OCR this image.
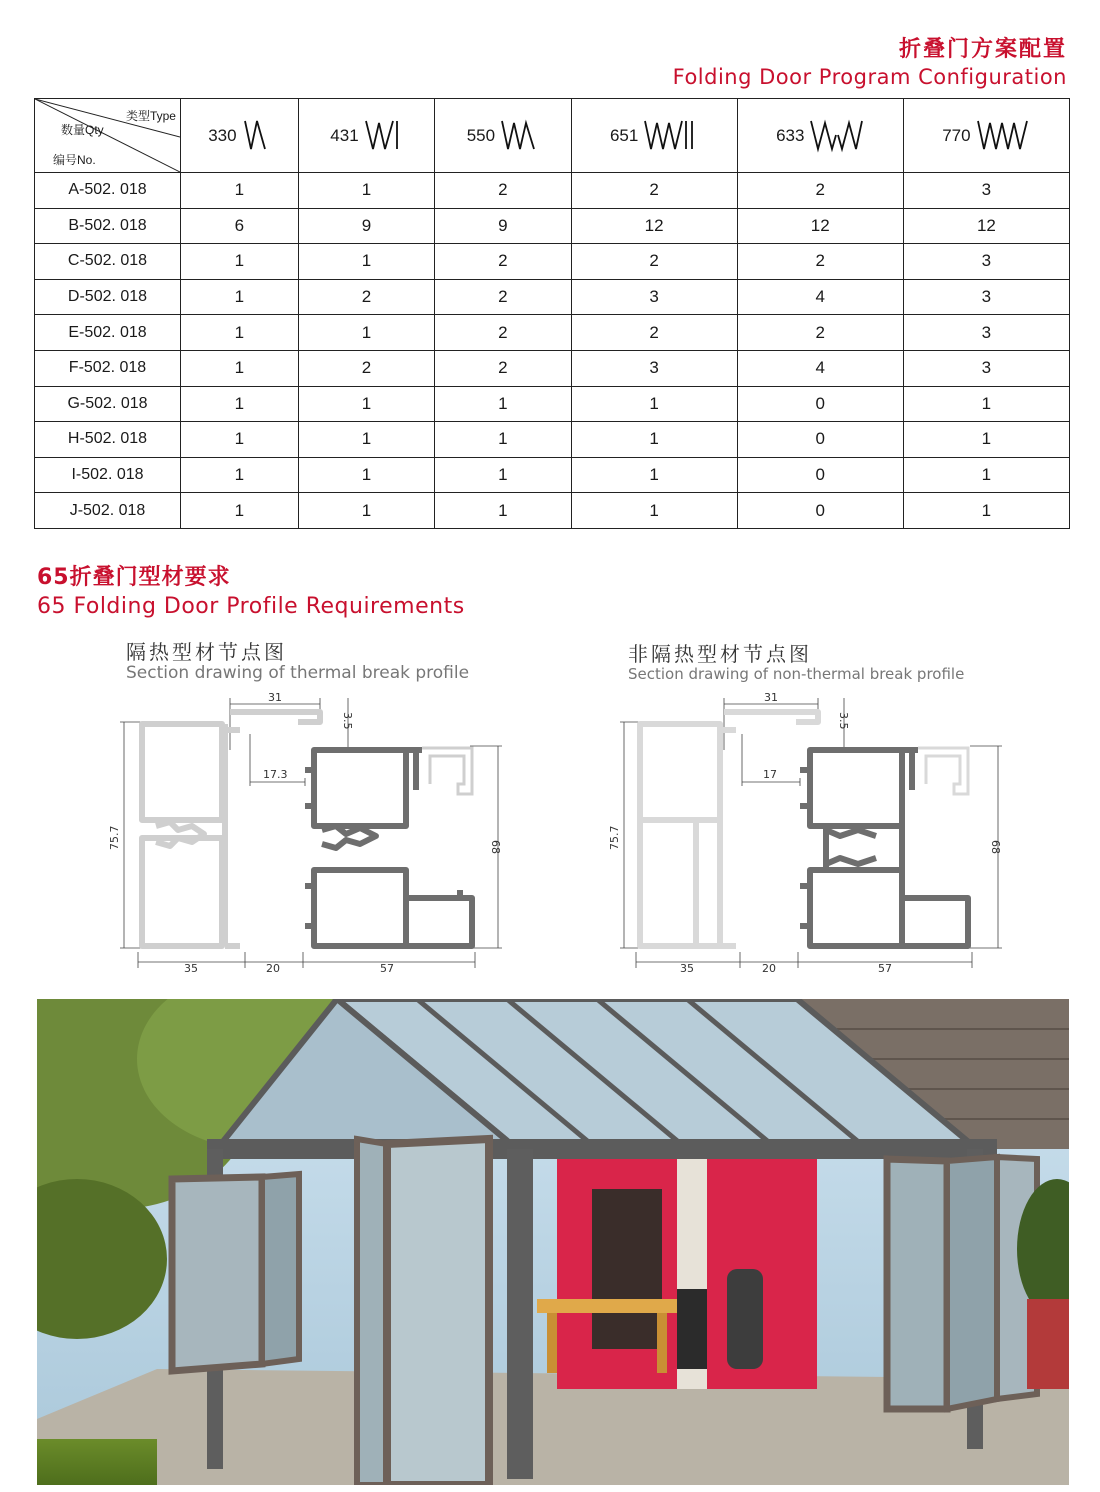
折叠门方案配置
Folding Door Program Configuration
类型Type
数量Qty
编号No.	330	431	550	651	633	770

A-502. 018	1	1	2	2	2	3
B-502. 018	6	9	9	12	12	12
C-502. 018	1	1	2	2	2	3
D-502. 018	1	2	2	3	4	3
E-502. 018	1	1	2	2	2	3
F-502. 018	1	2	2	3	4	3
G-502. 018	1	1	1	1	0	1
H-502. 018	1	1	1	1	0	1
I-502. 018	1	1	1	1	0	1
J-502. 018	1	1	1	1	0	1
65折叠门型材要求
65 Folding Door Profile Requirements
隔热型材节点图
Section drawing of thermal break profile
非隔热型材节点图
Section drawing of non-thermal break profile
31
3.5
17.3
75.7	68
35	20	57
31
3.5
17
75.7	68
35	20	57
